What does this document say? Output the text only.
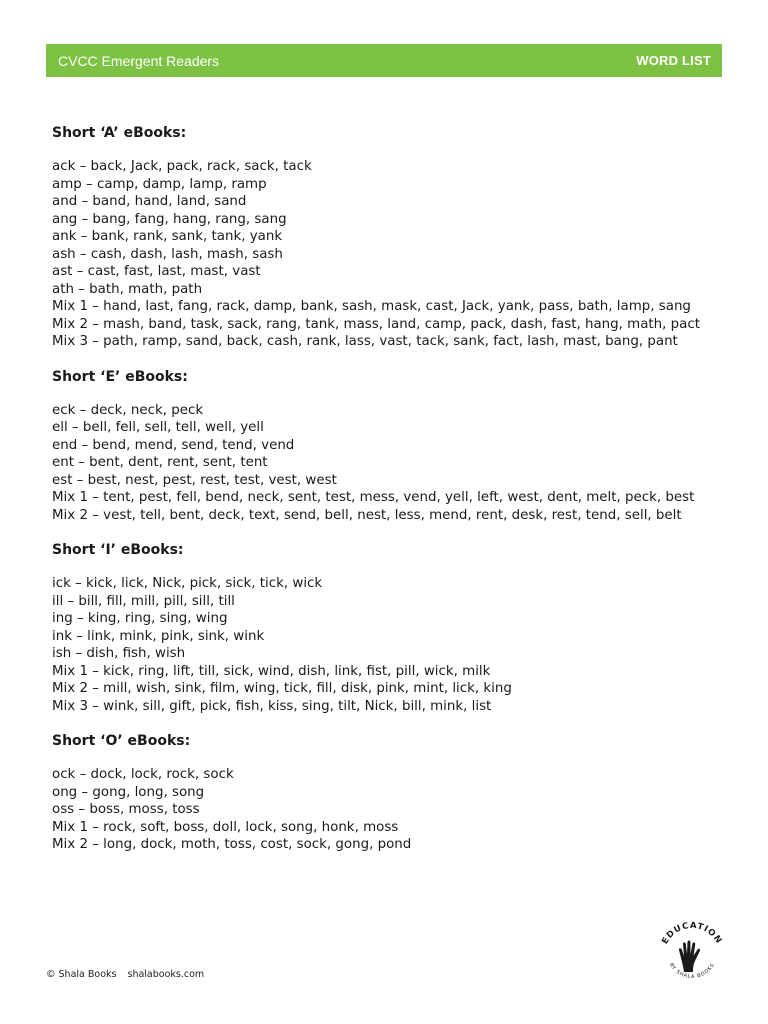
CVCC Emergent Readers	WORD LIST
Short ‘A’ eBooks:
ack – back, Jack, pack, rack, sack, tack
amp – camp, damp, lamp, ramp
and – band, hand, land, sand
ang – bang, fang, hang, rang, sang
ank – bank, rank, sank, tank, yank
ash – cash, dash, lash, mash, sash
ast – cast, fast, last, mast, vast
ath – bath, math, path
Mix 1 – hand, last, fang, rack, damp, bank, sash, mask, cast, Jack, yank, pass, bath, lamp, sang
Mix 2 – mash, band, task, sack, rang, tank, mass, land, camp, pack, dash, fast, hang, math, pact
Mix 3 – path, ramp, sand, back, cash, rank, lass, vast, tack, sank, fact, lash, mast, bang, pant
Short ‘E’ eBooks:
eck – deck, neck, peck
ell – bell, fell, sell, tell, well, yell
end – bend, mend, send, tend, vend
ent – bent, dent, rent, sent, tent
est – best, nest, pest, rest, test, vest, west
Mix 1 – tent, pest, fell, bend, neck, sent, test, mess, vend, yell, left, west, dent, melt, peck, best
Mix 2 – vest, tell, bent, deck, text, send, bell, nest, less, mend, rent, desk, rest, tend, sell, belt
Short ‘I’ eBooks:
ick – kick, lick, Nick, pick, sick, tick, wick
ill – bill, fill, mill, pill, sill, till
ing – king, ring, sing, wing
ink – link, mink, pink, sink, wink
ish – dish, fish, wish
Mix 1 – kick, ring, lift, till, sick, wind, dish, link, fist, pill, wick, milk
Mix 2 – mill, wish, sink, film, wing, tick, fill, disk, pink, mint, lick, king
Mix 3 – wink, sill, gift, pick, fish, kiss, sing, tilt, Nick, bill, mink, list
Short ‘O’ eBooks:
ock – dock, lock, rock, sock
ong – gong, long, song
oss – boss, moss, toss
Mix 1 – rock, soft, boss, doll, lock, song, honk, moss
Mix 2 – long, dock, moth, toss, cost, sock, gong, pond
© Shala Books shalabooks.com
EDUCATION
BY SHALA BOOKS
